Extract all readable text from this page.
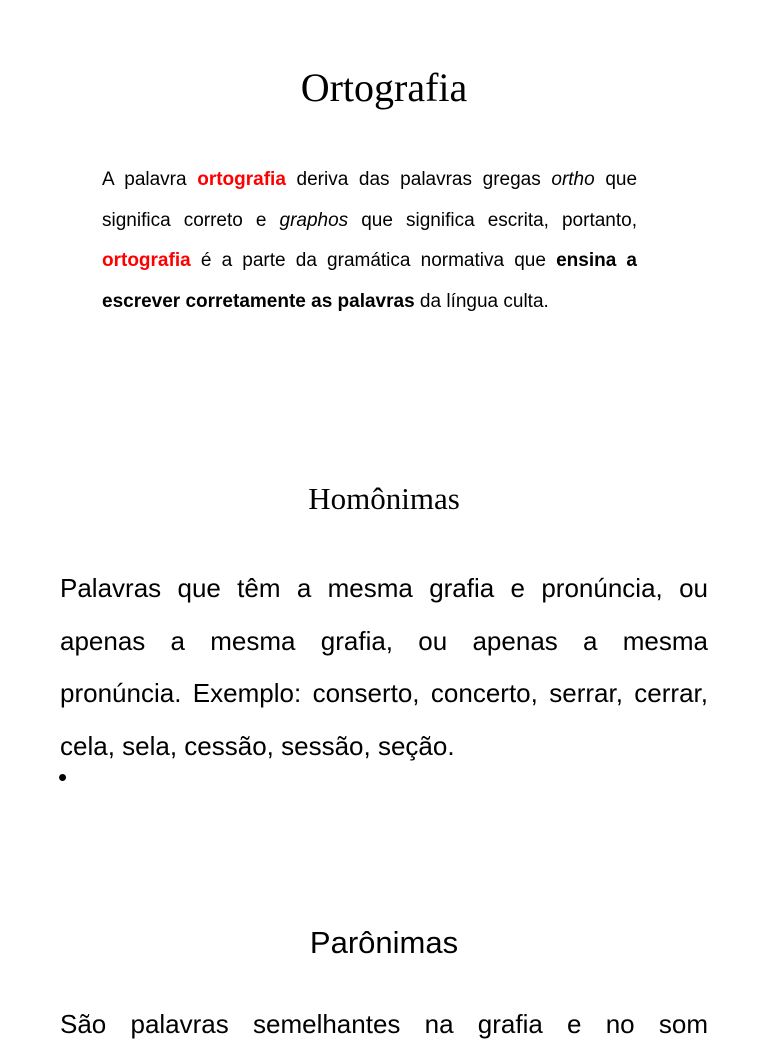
Ortografia

A palavra ortografia deriva das palavras gregas ortho que significa correto e graphos que significa escrita, portanto, ortografia é a parte da gramática normativa que ensina a escrever corretamente as palavras da língua culta.

Homônimas

Palavras que têm a mesma grafia e pronúncia, ou apenas a mesma grafia, ou apenas a mesma pronúncia. Exemplo: conserto, concerto, serrar, cerrar, cela, sela, cessão, sessão, seção.

•
Parônimas

São palavras semelhantes na grafia e no som
